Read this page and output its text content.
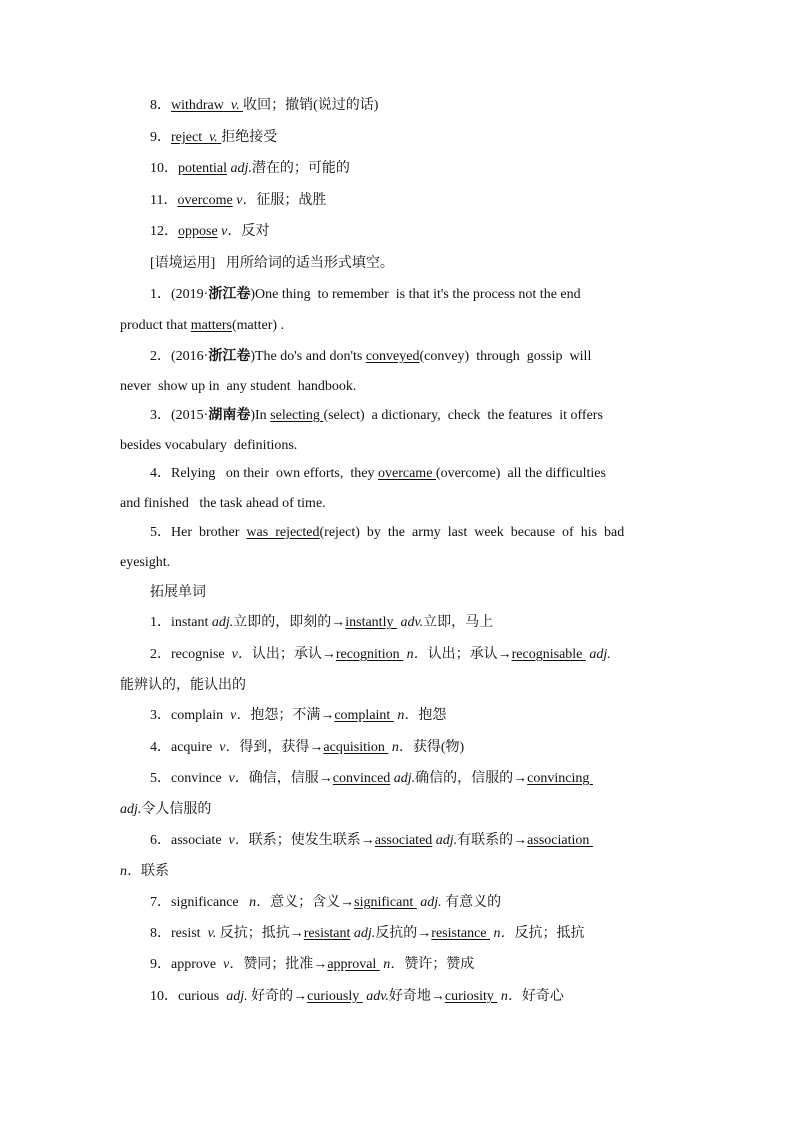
8．withdraw v. 收回；撤销(说过的话)
9．reject v. 拒绝接受
10．potential adj.潜在的；可能的
11．overcome v．征服；战胜
12．oppose v．反对
[语境运用] 用所给词的适当形式填空。
1．(2019·浙江卷)One thing  to remember  is that it's the process not the end
product that matters(matter) .
2．(2016·浙江卷)The do's and don'ts conveyed(convey)  through  gossip  will
never  show up in  any student  handbook.
3．(2015·湖南卷)In selecting (select)  a dictionary,  check  the features  it offers
besides vocabulary  definitions.
4．Relying   on their  own efforts,  they overcame (overcome)  all the difficulties
and finished   the task ahead of time.
5．Her  brother  was  rejected(reject)  by  the  army  last  week  because  of  his  bad
eyesight.
拓展单词
1．instant adj.立即的，即刻的→instantly  adv.立即，马上
2．recognise  v．认出；承认→recognition  n．认出；承认→recognisable  adj.
能辨认的，能认出的
3．complain  v．抱怨；不满→complaint  n．抱怨
4．acquire  v．得到，获得→acquisition  n．获得(物)
5．convince  v．确信，信服→convinced adj.确信的，信服的→convincing
adj.令人信服的
6．associate  v．联系；使发生联系→associated adj.有联系的→association
n．联系
7．significance   n．意义；含义→significant  adj. 有意义的
8．resist  v. 反抗；抵抗→resistant adj.反抗的→resistance  n．反抗；抵抗
9．approve  v．赞同；批准→approval  n．赞许；赞成
10．curious  adj. 好奇的→curiously  adv.好奇地→curiosity  n．好奇心
